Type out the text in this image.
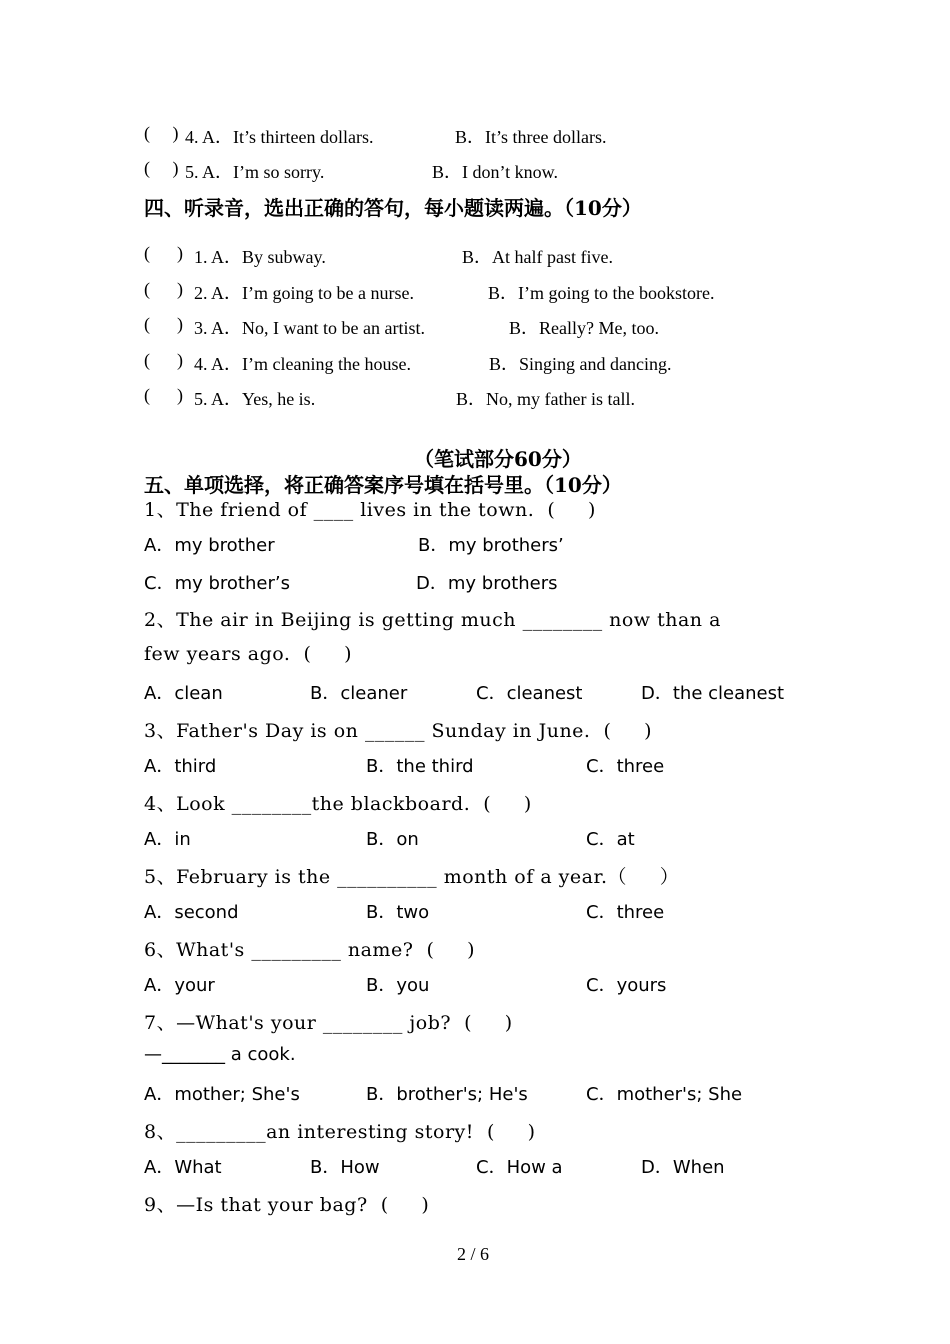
(     ) 4. A．It’s thirteen dollars.	B．It’s three dollars.
(     ) 5. A．I’m so sorry.	B．I don’t know.
四、听录音，选出正确的答句，每小题读两遍。（10分）
(      ) 1. A．By subway.	B．At half past five.
(      ) 2. A．I’m going to be a nurse.	B．I’m going to the bookstore.
(      ) 3. A．No, I want to be an artist.	B．Really? Me, too.
(      ) 4. A．I’m cleaning the house.	B．Singing and dancing.
(      ) 5. A．Yes, he is.	B．No, my father is tall.
（笔试部分60分）
五、单项选择，将正确答案序号填在括号里。（10分）
1、The friend of ____ lives in the town.  (     )
A．my brother	B．my brothers’
C．my brother’s	D．my brothers
2、The air in Beijing is getting much ________ now than a
few years ago.  (     )
A．clean	B．cleaner	C．cleanest	D．the cleanest
3、Father's Day is on ______ Sunday in June.  (     )
A．third	B．the third	C．three
4、Look ________the blackboard.  (     )
A．in	B．on	C．at
5、February is the __________ month of a year.（     ）
A．second	B．two	C．three
6、What's _________ name?  (     )
A．your	B．you	C．yours
7、—What's your ________ job?  (     )
—_______ a cook.
A．mother; She's	B．brother's; He's	C．mother's; She
8、_________an interesting story!  (     )
A．What	B．How	C．How a	D．When
9、—Is that your bag?  (     )
2 / 6
